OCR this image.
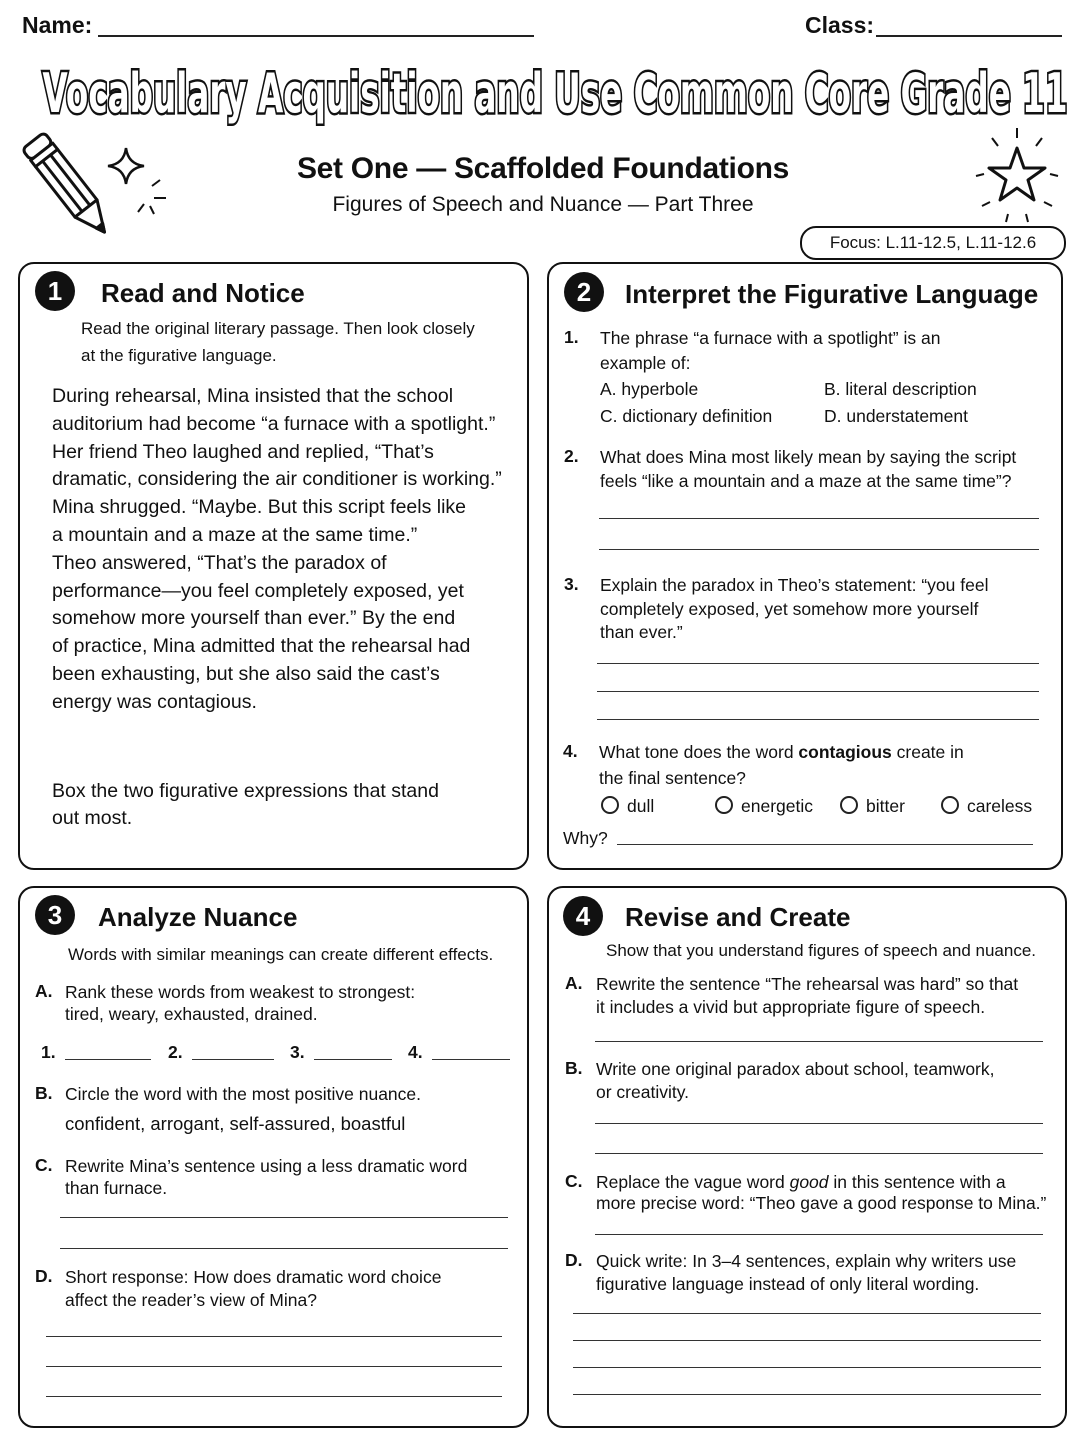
Name:	Class:
Vocabulary Acquisition and Use Common Core Grade 11
Set One — Scaffolded Foundations
Figures of Speech and Nuance — Part Three
Focus: L.11-12.5, L.11-12.6
1	Read and Notice
Read the original literary passage. Then look closely
at the figurative language.
During rehearsal, Mina insisted that the school
auditorium had become “a furnace with a spotlight.”
Her friend Theo laughed and replied, “That’s
dramatic, considering the air conditioner is working.”
Mina shrugged. “Maybe. But this script feels like
a mountain and a maze at the same time.”
Theo answered, “That’s the paradox of
performance—you feel completely exposed, yet
somehow more yourself than ever.” By the end
of practice, Mina admitted that the rehearsal had
been exhausting, but she also said the cast’s
energy was contagious.
Box the two figurative expressions that stand
out most.
2	Interpret the Figurative Language
1. The phrase “a furnace with a spotlight” is an
example of:
A. hyperbole	B. literal description
C. dictionary definition	D. understatement
2. What does Mina most likely mean by saying the script
feels “like a mountain and a maze at the same time”?
3. Explain the paradox in Theo’s statement: “you feel
completely exposed, yet somehow more yourself
than ever.”
4. What tone does the word contagious create in
the final sentence?
dull	energetic	bitter	careless
Why?
3	Analyze Nuance
Words with similar meanings can create different effects.
A. Rank these words from weakest to strongest:
tired, weary, exhausted, drained.
1.	2.	3.	4.
B. Circle the word with the most positive nuance.
confident, arrogant, self-assured, boastful
C. Rewrite Mina’s sentence using a less dramatic word
than furnace.
D. Short response: How does dramatic word choice
affect the reader’s view of Mina?
4	Revise and Create
Show that you understand figures of speech and nuance.
A. Rewrite the sentence “The rehearsal was hard” so that
it includes a vivid but appropriate figure of speech.
B. Write one original paradox about school, teamwork,
or creativity.
C. Replace the vague word good in this sentence with a
more precise word: “Theo gave a good response to Mina.”
D. Quick write: In 3–4 sentences, explain why writers use
figurative language instead of only literal wording.
